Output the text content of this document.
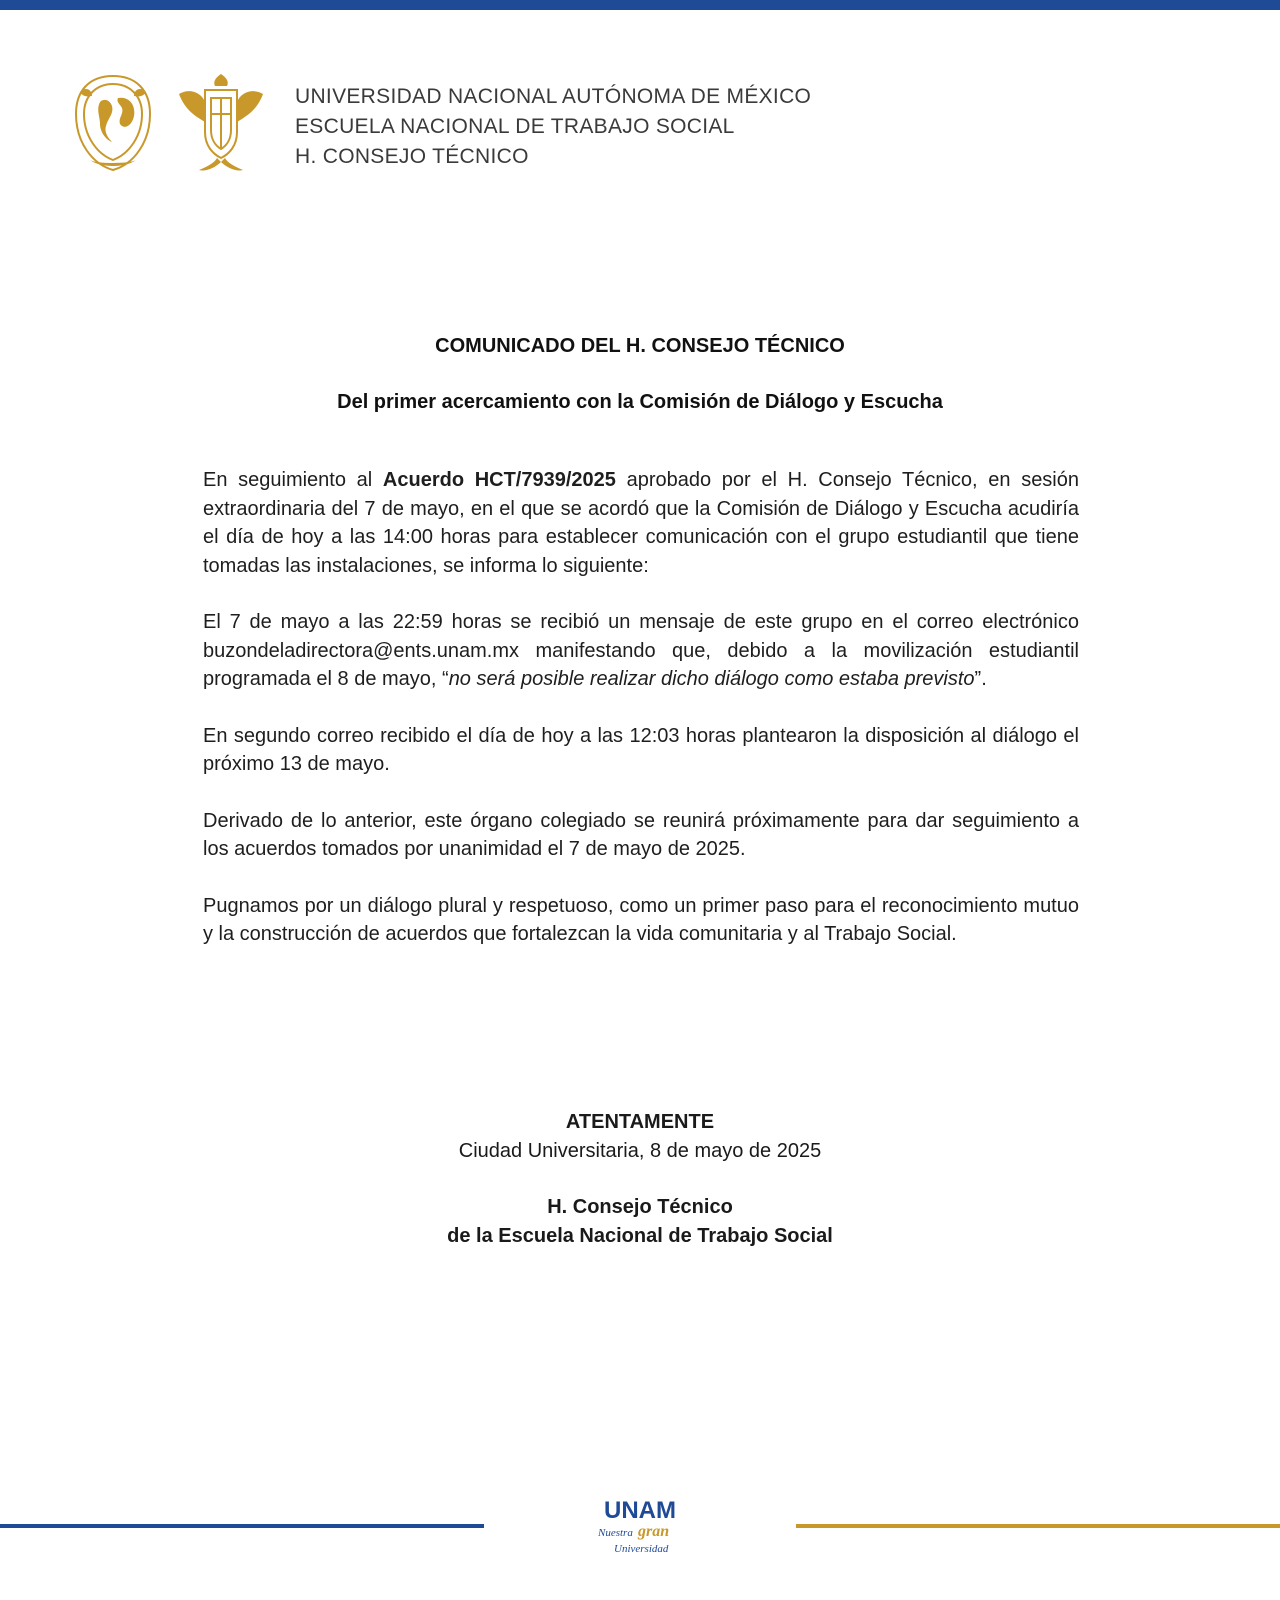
UNIVERSIDAD NACIONAL AUTÓNOMA DE MÉXICO
ESCUELA NACIONAL DE TRABAJO SOCIAL
H. CONSEJO TÉCNICO
COMUNICADO DEL H. CONSEJO TÉCNICO
Del primer acercamiento con la Comisión de Diálogo y Escucha

En seguimiento al Acuerdo HCT/7939/2025 aprobado por el H. Consejo Técnico, en sesión extraordinaria del 7 de mayo, en el que se acordó que la Comisión de Diálogo y Escucha acudiría el día de hoy a las 14:00 horas para establecer comunicación con el grupo estudiantil que tiene tomadas las instalaciones, se informa lo siguiente:

El 7 de mayo a las 22:59 horas se recibió un mensaje de este grupo en el correo electrónico buzondeladirectora@ents.unam.mx manifestando que, debido a la movilización estudiantil programada el 8 de mayo, “no será posible realizar dicho diálogo como estaba previsto”.

En segundo correo recibido el día de hoy a las 12:03 horas plantearon la disposición al diálogo el próximo 13 de mayo.

Derivado de lo anterior, este órgano colegiado se reunirá próximamente para dar seguimiento a los acuerdos tomados por unanimidad el 7 de mayo de 2025.

Pugnamos por un diálogo plural y respetuoso, como un primer paso para el reconocimiento mutuo y la construcción de acuerdos que fortalezcan la vida comunitaria y al Trabajo Social.

ATENTAMENTE
Ciudad Universitaria, 8 de mayo de 2025
H. Consejo Técnico
de la Escuela Nacional de Trabajo Social
UNAM
Nuestra gran
Universidad
